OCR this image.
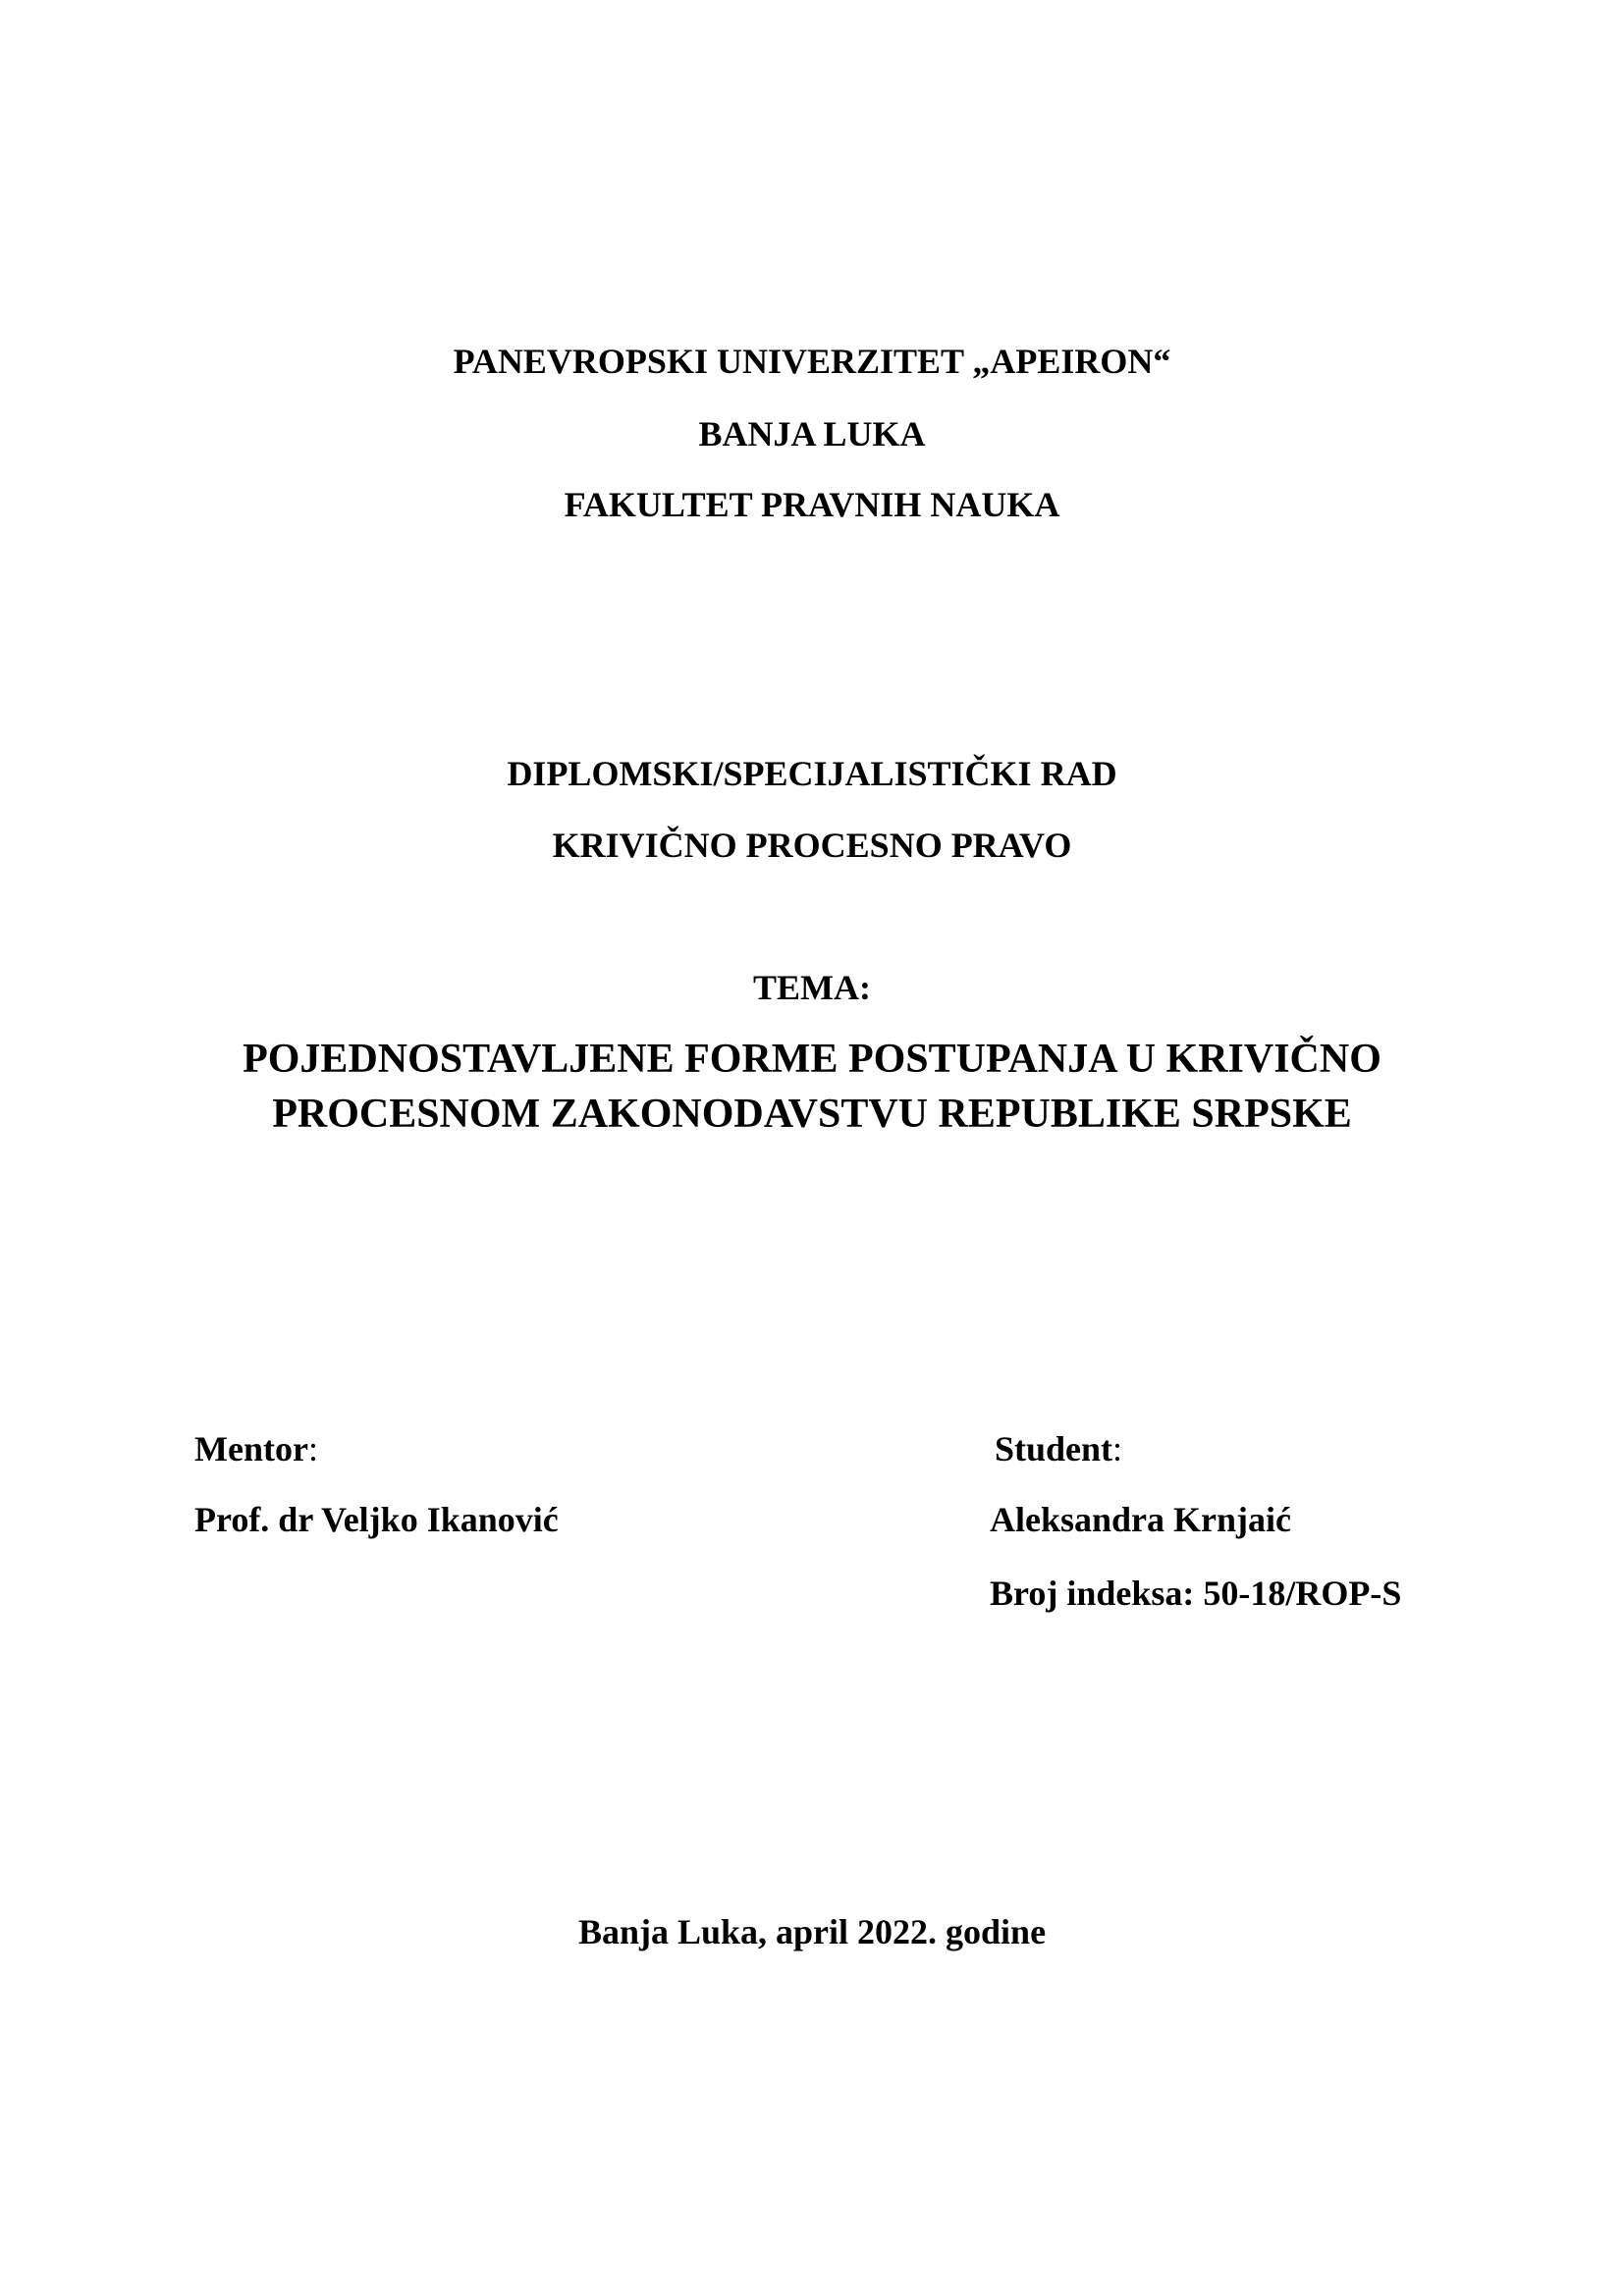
PANEVROPSKI UNIVERZITET „APEIRON“
BANJA LUKA
FAKULTET PRAVNIH NAUKA
DIPLOMSKI/SPECIJALISTIČKI RAD
KRIVIČNO PROCESNO PRAVO
TEMA:
POJEDNOSTAVLJENE FORME POSTUPANJA U KRIVIČNO
PROCESNOM ZAKONODAVSTVU REPUBLIKE SRPSKE
Mentor:	Student:
Prof. dr Veljko Ikanović	Aleksandra Krnjaić
Broj indeksa: 50-18/ROP-S
Banja Luka, april 2022. godine
